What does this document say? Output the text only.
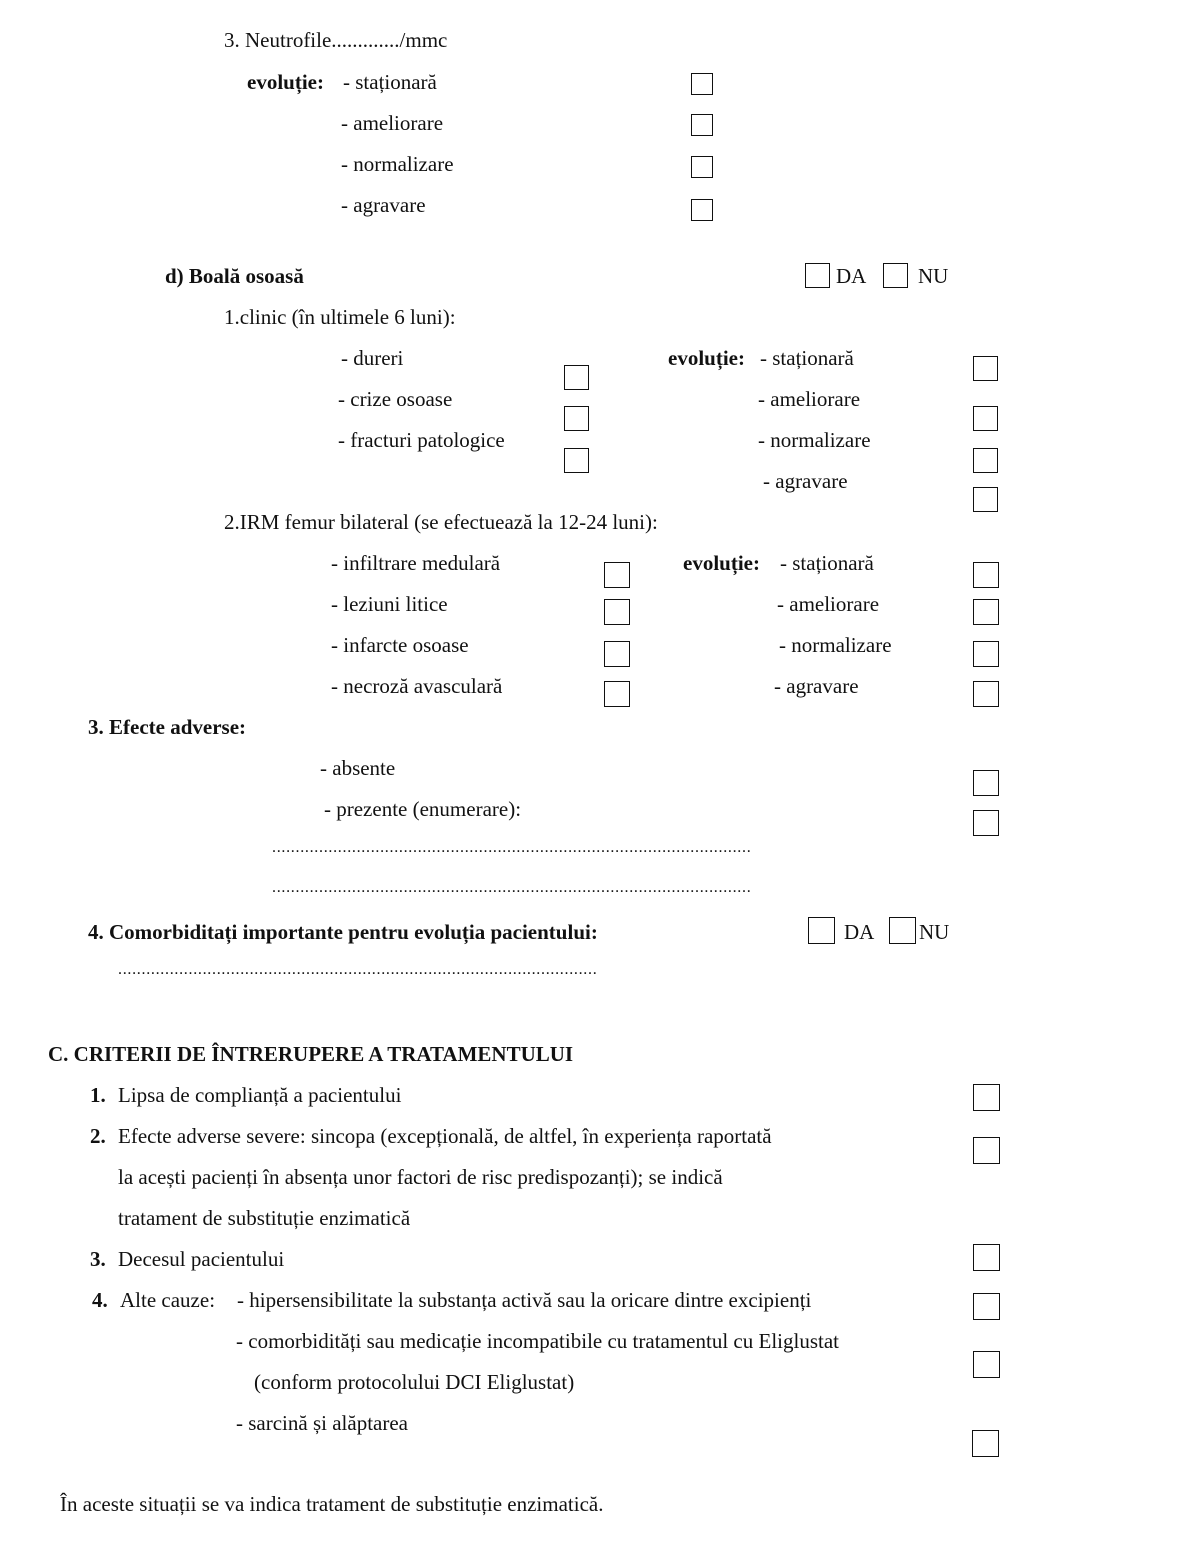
3. Neutrofile............./mmc
evoluție: - staționară
- ameliorare
- normalizare
- agravare
d) Boală osoasă	DA NU
1.clinic (în ultimele 6 luni):
- dureri
- crize osoase
- fracturi patologice
evoluție: - staționară
- ameliorare
- normalizare
- agravare
2.IRM femur bilateral (se efectuează la 12-24 luni):
- infiltrare medulară
- leziuni litice
- infarcte osoase
- necroză avasculară
evoluție: - staționară
- ameliorare
- normalizare
- agravare
3. Efecte adverse:
- absente
- prezente (enumerare):
......................................................................................................
......................................................................................................
4. Comorbiditați importante pentru evoluția pacientului:	DA NU
......................................................................................................
C. CRITERII DE ÎNTRERUPERE A TRATAMENTULUI
1. Lipsa de complianță a pacientului
2. Efecte adverse severe: sincopa (excepțională, de altfel, în experiența raportată
la acești pacienți în absența unor factori de risc predispozanți); se indică
tratament de substituție enzimatică
3. Decesul pacientului
4. Alte cauze: - hipersensibilitate la substanța activă sau la oricare dintre excipienți
- comorbidități sau medicație incompatibile cu tratamentul cu Eliglustat
(conform protocolului DCI Eliglustat)
- sarcină și alăptarea
În aceste situații se va indica tratament de substituție enzimatică.
